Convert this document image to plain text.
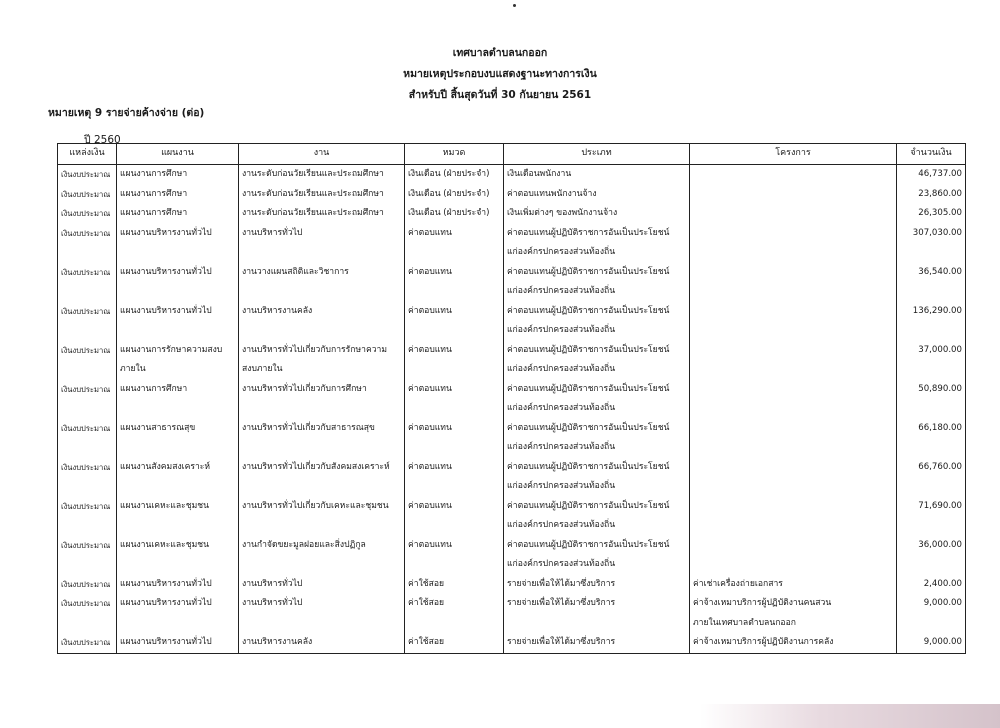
เทศบาลตำบลนกออก
หมายเหตุประกอบงบแสดงฐานะทางการเงิน
สำหรับปี สิ้นสุดวันที่ 30 กันยายน 2561
หมายเหตุ 9 รายจ่ายค้างจ่าย (ต่อ)
ปี 2560
แหล่งเงิน	แผนงาน	งาน	หมวด	ประเภท	โครงการ	จำนวนเงิน

เงินงบประมาณ	แผนงานการศึกษา	งานระดับก่อนวัยเรียนและประถมศึกษา	เงินเดือน (ฝ่ายประจำ)	เงินเดือนพนักงาน		46,737.00

เงินงบประมาณ	แผนงานการศึกษา	งานระดับก่อนวัยเรียนและประถมศึกษา	เงินเดือน (ฝ่ายประจำ)	ค่าตอบแทนพนักงานจ้าง		23,860.00

เงินงบประมาณ	แผนงานการศึกษา	งานระดับก่อนวัยเรียนและประถมศึกษา	เงินเดือน (ฝ่ายประจำ)	เงินเพิ่มต่างๆ ของพนักงานจ้าง		26,305.00

เงินงบประมาณ	แผนงานบริหารงานทั่วไป	งานบริหารทั่วไป	ค่าตอบแทน	ค่าตอบแทนผู้ปฏิบัติราชการอันเป็นประโยชน์
แก่องค์กรปกครองส่วนท้องถิ่น		307,030.00

เงินงบประมาณ	แผนงานบริหารงานทั่วไป	งานวางแผนสถิติและวิชาการ	ค่าตอบแทน	ค่าตอบแทนผู้ปฏิบัติราชการอันเป็นประโยชน์
แก่องค์กรปกครองส่วนท้องถิ่น		36,540.00

เงินงบประมาณ	แผนงานบริหารงานทั่วไป	งานบริหารงานคลัง	ค่าตอบแทน	ค่าตอบแทนผู้ปฏิบัติราชการอันเป็นประโยชน์
แก่องค์กรปกครองส่วนท้องถิ่น		136,290.00

เงินงบประมาณ	แผนงานการรักษาความสงบ
ภายใน	งานบริหารทั่วไปเกี่ยวกับการรักษาความ
สงบภายใน	ค่าตอบแทน	ค่าตอบแทนผู้ปฏิบัติราชการอันเป็นประโยชน์
แก่องค์กรปกครองส่วนท้องถิ่น		37,000.00

เงินงบประมาณ	แผนงานการศึกษา	งานบริหารทั่วไปเกี่ยวกับการศึกษา	ค่าตอบแทน	ค่าตอบแทนผู้ปฏิบัติราชการอันเป็นประโยชน์
แก่องค์กรปกครองส่วนท้องถิ่น		50,890.00

เงินงบประมาณ	แผนงานสาธารณสุข	งานบริหารทั่วไปเกี่ยวกับสาธารณสุข	ค่าตอบแทน	ค่าตอบแทนผู้ปฏิบัติราชการอันเป็นประโยชน์
แก่องค์กรปกครองส่วนท้องถิ่น		66,180.00

เงินงบประมาณ	แผนงานสังคมสงเคราะห์	งานบริหารทั่วไปเกี่ยวกับสังคมสงเคราะห์	ค่าตอบแทน	ค่าตอบแทนผู้ปฏิบัติราชการอันเป็นประโยชน์
แก่องค์กรปกครองส่วนท้องถิ่น		66,760.00

เงินงบประมาณ	แผนงานเคหะและชุมชน	งานบริหารทั่วไปเกี่ยวกับเคหะและชุมชน	ค่าตอบแทน	ค่าตอบแทนผู้ปฏิบัติราชการอันเป็นประโยชน์
แก่องค์กรปกครองส่วนท้องถิ่น		71,690.00

เงินงบประมาณ	แผนงานเคหะและชุมชน	งานกำจัดขยะมูลฝอยและสิ่งปฏิกูล	ค่าตอบแทน	ค่าตอบแทนผู้ปฏิบัติราชการอันเป็นประโยชน์
แก่องค์กรปกครองส่วนท้องถิ่น		36,000.00

เงินงบประมาณ	แผนงานบริหารงานทั่วไป	งานบริหารทั่วไป	ค่าใช้สอย	รายจ่ายเพื่อให้ได้มาซึ่งบริการ	ค่าเช่าเครื่องถ่ายเอกสาร	2,400.00

เงินงบประมาณ	แผนงานบริหารงานทั่วไป	งานบริหารทั่วไป	ค่าใช้สอย	รายจ่ายเพื่อให้ได้มาซึ่งบริการ	ค่าจ้างเหมาบริการผู้ปฏิบัติงานคนสวน
ภายในเทศบาลตำบลนกออก	9,000.00

เงินงบประมาณ	แผนงานบริหารงานทั่วไป	งานบริหารงานคลัง	ค่าใช้สอย	รายจ่ายเพื่อให้ได้มาซึ่งบริการ	ค่าจ้างเหมาบริการผู้ปฏิบัติงานการคลัง	9,000.00
